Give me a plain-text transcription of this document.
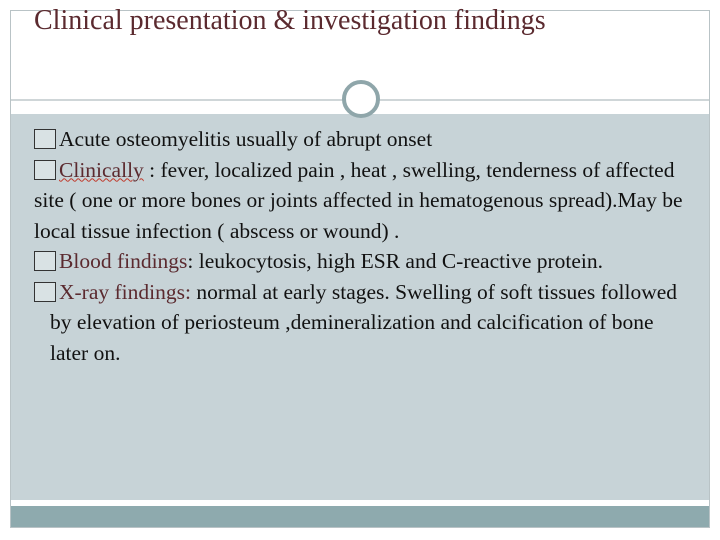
Clinical presentation & investigation findings

Acute osteomyelitis usually of abrupt onset

Clinically : fever, localized pain , heat , swelling, tenderness of affected site ( one or more bones or joints affected in hematogenous spread).May be local tissue infection ( abscess or wound) .

Blood findings: leukocytosis, high ESR and C-reactive protein.

X-ray findings: normal at early stages. Swelling of soft tissues followed by elevation of periosteum ,demineralization and calcification of bone later on.
